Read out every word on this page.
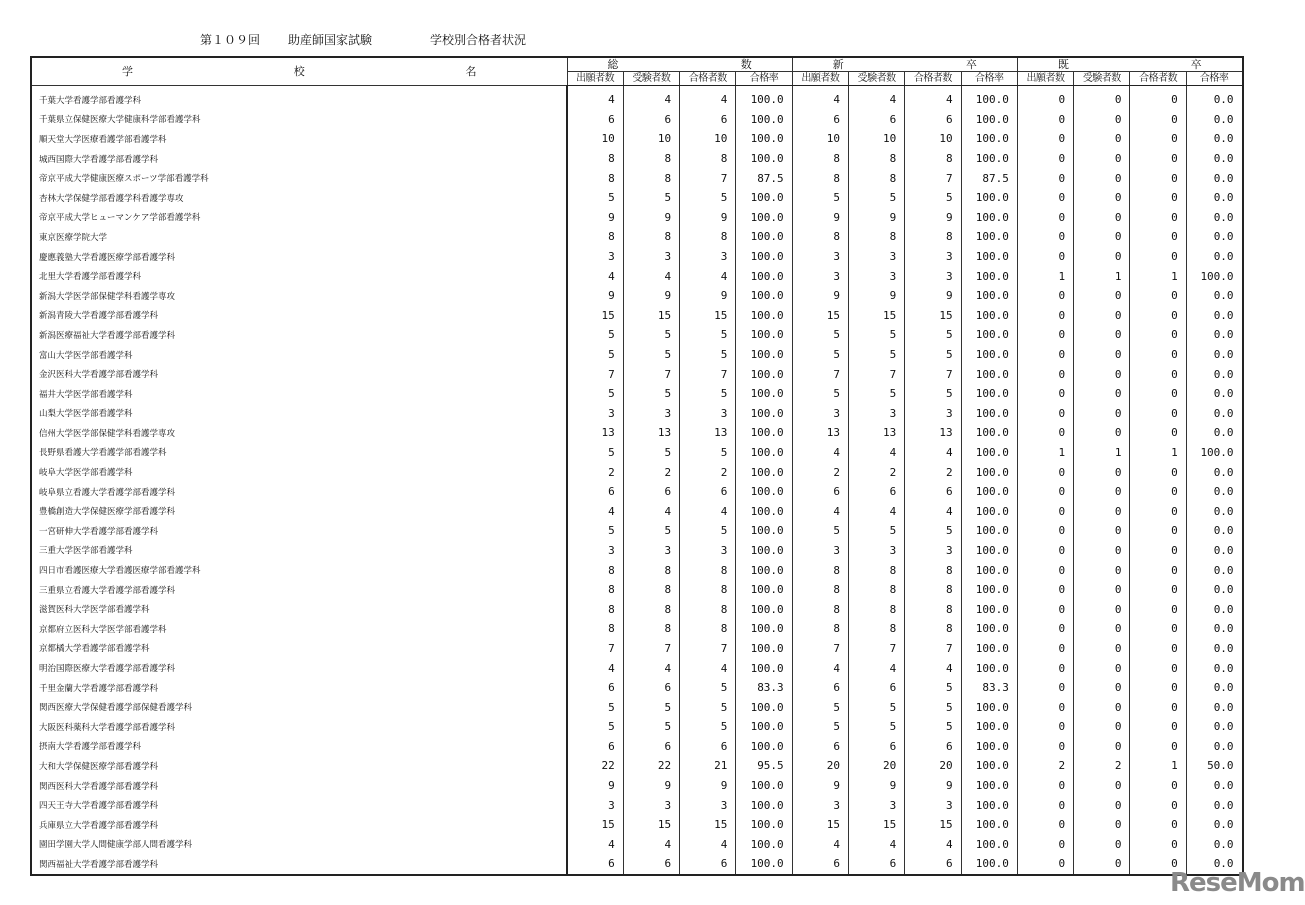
第１０９回 助産師国家試験	学校別合格者状況
学 校 名	総 数				新 卒				既 卒			

	出願者数	受験者数	合格者数	合格率	出願者数	受験者数	合格者数	合格率	出願者数	受験者数	合格者数	合格率
千葉大学看護学部看護学科	4	4	4	100.0	4	4	4	100.0	0	0	0	0.0
千葉県立保健医療大学健康科学部看護学科	6	6	6	100.0	6	6	6	100.0	0	0	0	0.0
順天堂大学医療看護学部看護学科	10	10	10	100.0	10	10	10	100.0	0	0	0	0.0
城西国際大学看護学部看護学科	8	8	8	100.0	8	8	8	100.0	0	0	0	0.0
帝京平成大学健康医療スポーツ学部看護学科	8	8	7	87.5	8	8	7	87.5	0	0	0	0.0
杏林大学保健学部看護学科看護学専攻	5	5	5	100.0	5	5	5	100.0	0	0	0	0.0
帝京平成大学ヒューマンケア学部看護学科	9	9	9	100.0	9	9	9	100.0	0	0	0	0.0
東京医療学院大学	8	8	8	100.0	8	8	8	100.0	0	0	0	0.0
慶應義塾大学看護医療学部看護学科	3	3	3	100.0	3	3	3	100.0	0	0	0	0.0
北里大学看護学部看護学科	4	4	4	100.0	3	3	3	100.0	1	1	1	100.0
新潟大学医学部保健学科看護学専攻	9	9	9	100.0	9	9	9	100.0	0	0	0	0.0
新潟青陵大学看護学部看護学科	15	15	15	100.0	15	15	15	100.0	0	0	0	0.0
新潟医療福祉大学看護学部看護学科	5	5	5	100.0	5	5	5	100.0	0	0	0	0.0
富山大学医学部看護学科	5	5	5	100.0	5	5	5	100.0	0	0	0	0.0
金沢医科大学看護学部看護学科	7	7	7	100.0	7	7	7	100.0	0	0	0	0.0
福井大学医学部看護学科	5	5	5	100.0	5	5	5	100.0	0	0	0	0.0
山梨大学医学部看護学科	3	3	3	100.0	3	3	3	100.0	0	0	0	0.0
信州大学医学部保健学科看護学専攻	13	13	13	100.0	13	13	13	100.0	0	0	0	0.0
長野県看護大学看護学部看護学科	5	5	5	100.0	4	4	4	100.0	1	1	1	100.0
岐阜大学医学部看護学科	2	2	2	100.0	2	2	2	100.0	0	0	0	0.0
岐阜県立看護大学看護学部看護学科	6	6	6	100.0	6	6	6	100.0	0	0	0	0.0
豊橋創造大学保健医療学部看護学科	4	4	4	100.0	4	4	4	100.0	0	0	0	0.0
一宮研伸大学看護学部看護学科	5	5	5	100.0	5	5	5	100.0	0	0	0	0.0
三重大学医学部看護学科	3	3	3	100.0	3	3	3	100.0	0	0	0	0.0
四日市看護医療大学看護医療学部看護学科	8	8	8	100.0	8	8	8	100.0	0	0	0	0.0
三重県立看護大学看護学部看護学科	8	8	8	100.0	8	8	8	100.0	0	0	0	0.0
滋賀医科大学医学部看護学科	8	8	8	100.0	8	8	8	100.0	0	0	0	0.0
京都府立医科大学医学部看護学科	8	8	8	100.0	8	8	8	100.0	0	0	0	0.0
京都橘大学看護学部看護学科	7	7	7	100.0	7	7	7	100.0	0	0	0	0.0
明治国際医療大学看護学部看護学科	4	4	4	100.0	4	4	4	100.0	0	0	0	0.0
千里金蘭大学看護学部看護学科	6	6	5	83.3	6	6	5	83.3	0	0	0	0.0
関西医療大学保健看護学部保健看護学科	5	5	5	100.0	5	5	5	100.0	0	0	0	0.0
大阪医科薬科大学看護学部看護学科	5	5	5	100.0	5	5	5	100.0	0	0	0	0.0
摂南大学看護学部看護学科	6	6	6	100.0	6	6	6	100.0	0	0	0	0.0
大和大学保健医療学部看護学科	22	22	21	95.5	20	20	20	100.0	2	2	1	50.0
関西医科大学看護学部看護学科	9	9	9	100.0	9	9	9	100.0	0	0	0	0.0
四天王寺大学看護学部看護学科	3	3	3	100.0	3	3	3	100.0	0	0	0	0.0
兵庫県立大学看護学部看護学科	15	15	15	100.0	15	15	15	100.0	0	0	0	0.0
園田学園大学人間健康学部人間看護学科	4	4	4	100.0	4	4	4	100.0	0	0	0	0.0
関西福祉大学看護学部看護学科	6	6	6	100.0	6	6	6	100.0	0	0	0	0.0
ReseMom
